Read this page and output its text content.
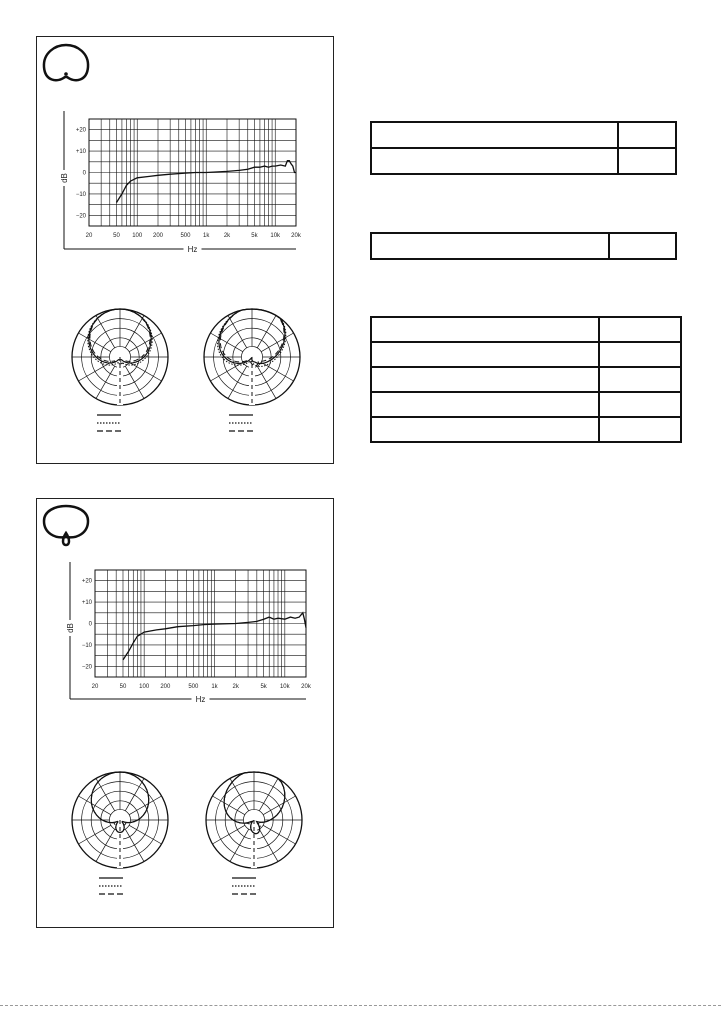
+20
+10
0
−10
−20
20	50 100 200	500 1k 2k	5k 10k 20k
Hz
dB
+20
+10
0
−10
−20
20	50 100 200	500 1k 2k	5k 10k 20k
Hz
dB
